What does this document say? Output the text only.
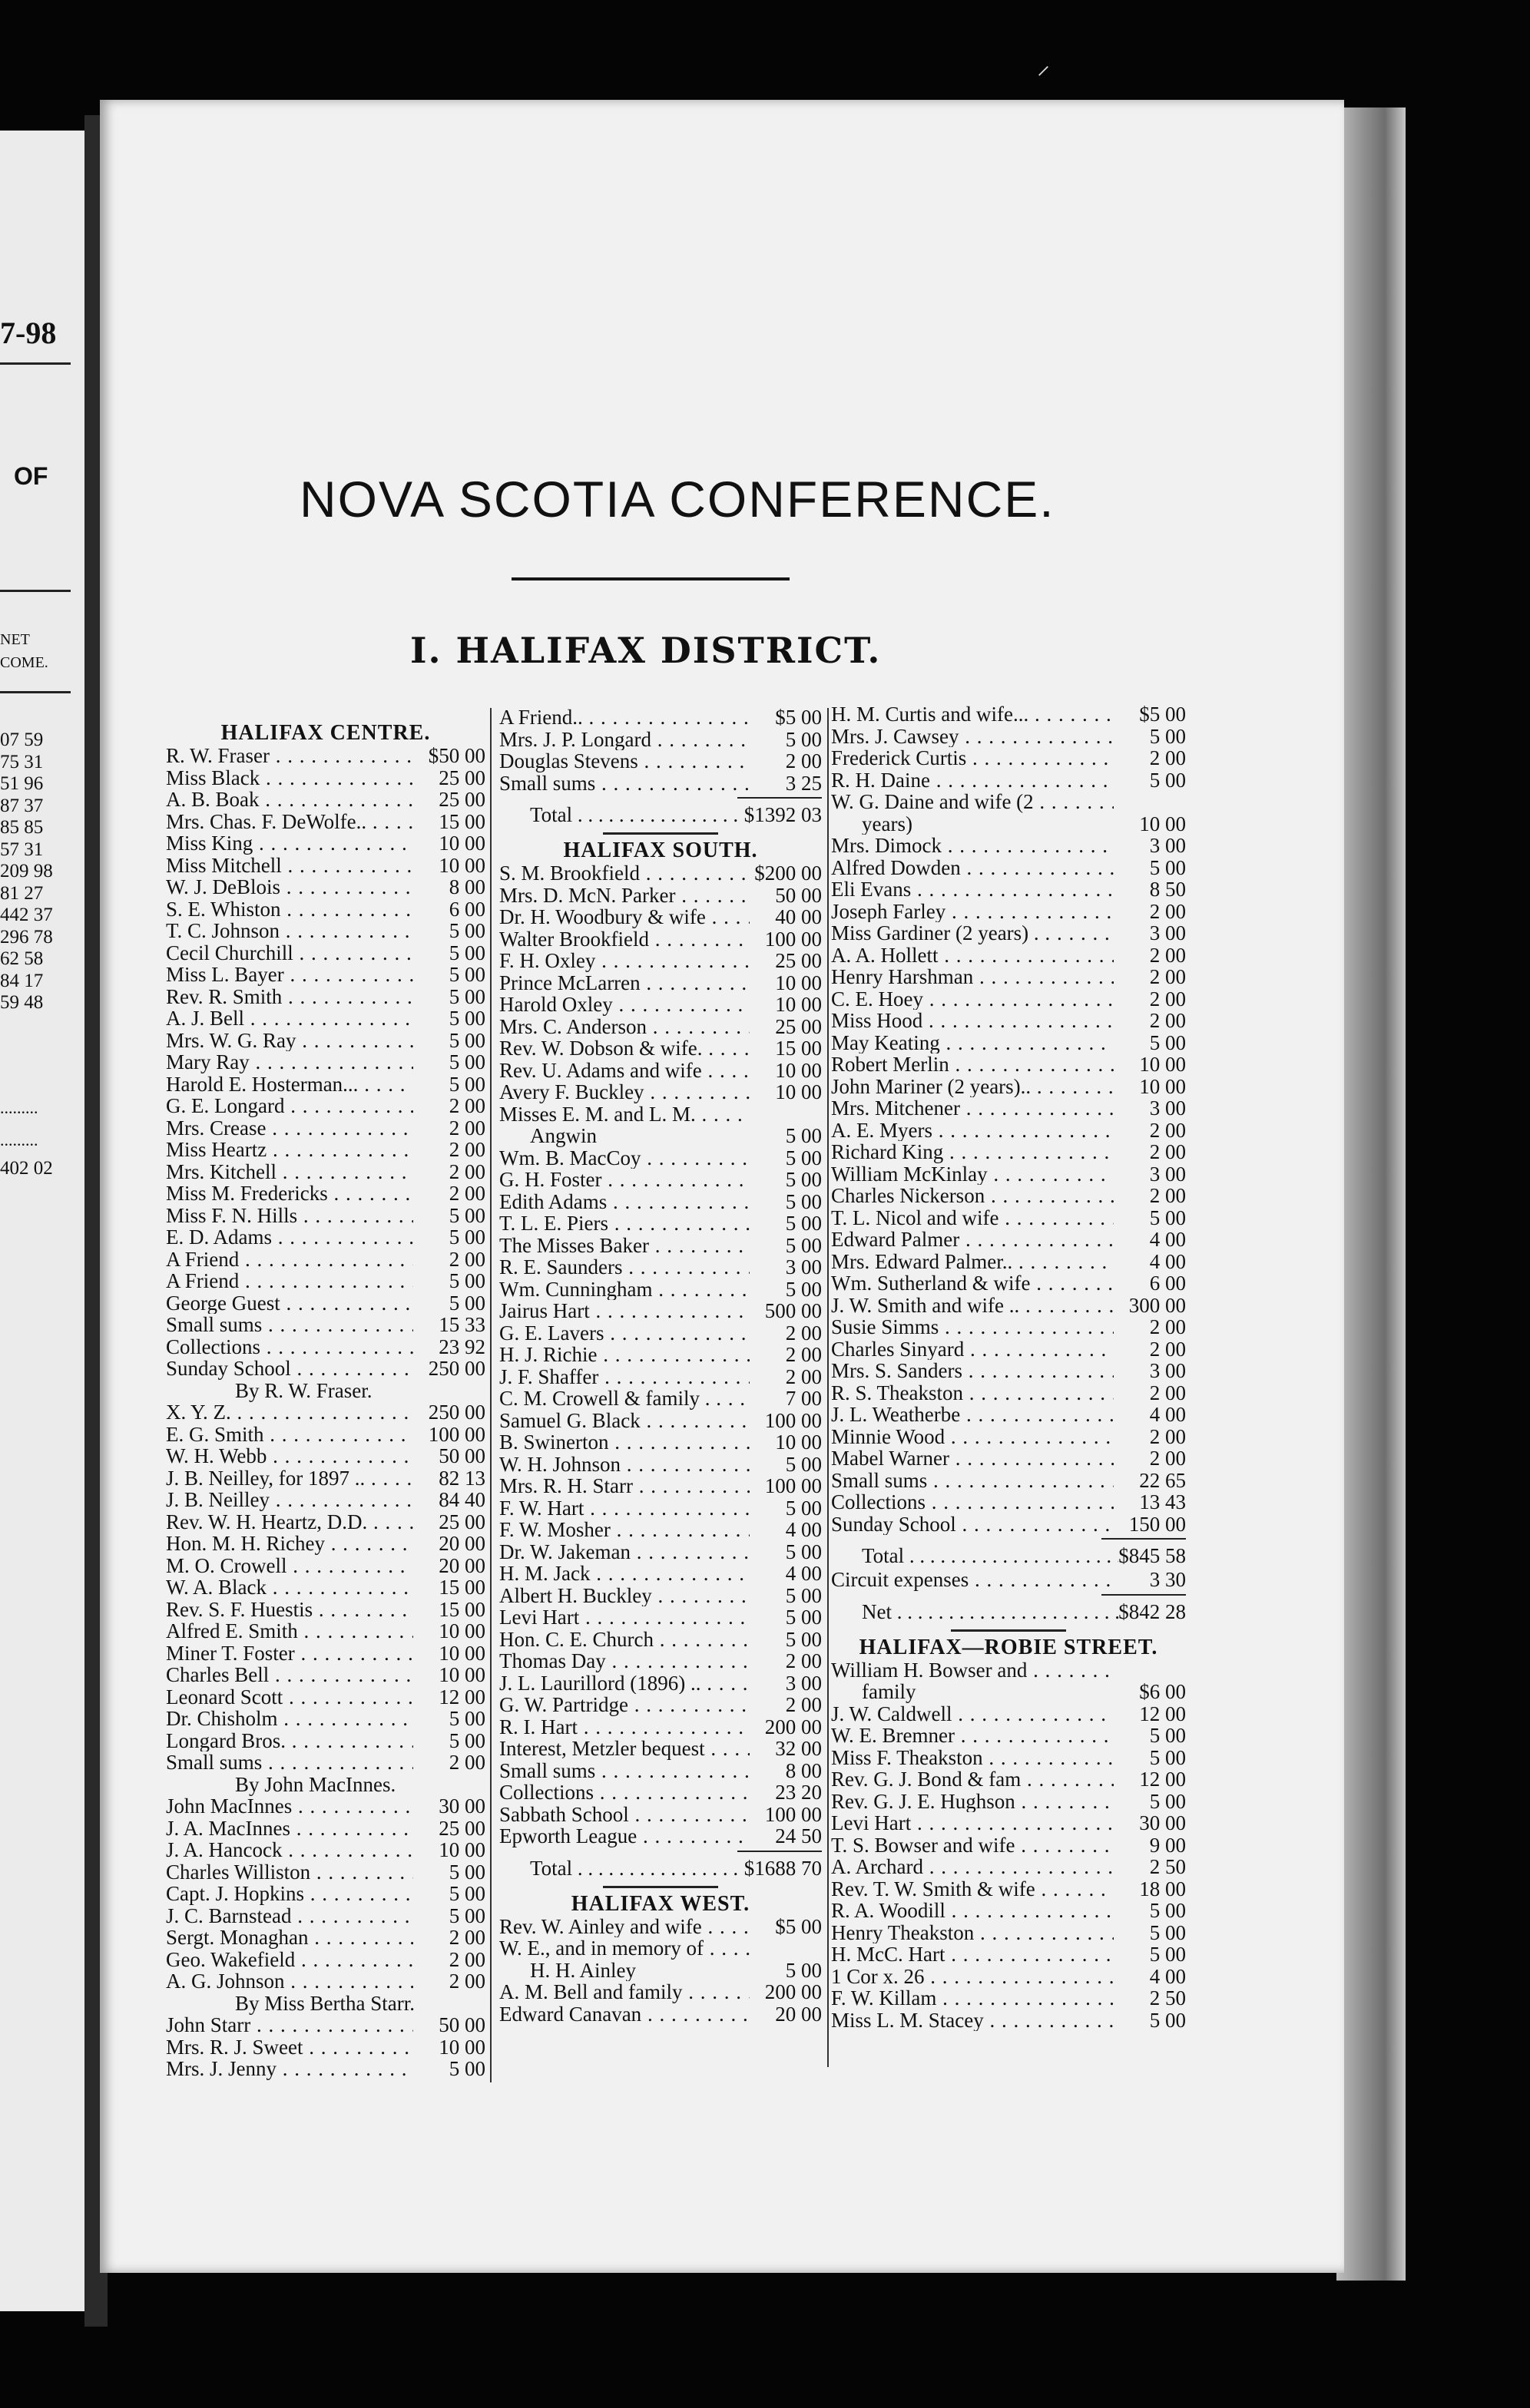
7-98
OF
NET
COME.
07 59
75 31
51 96
87 37
85 85
57 31
209 98
81 27
442 37
296 78
62 58
84 17
59 48
.........
.........
402 02
⸝
NOVA SCOTIA CONFERENCE.
I. HALIFAX DISTRICT.
HALIFAX CENTRE.
R. W. Fraser . . .	$50 00
Miss Black . . .	25 00
A. B. Boak . . .	25 00
Mrs. Chas. F. DeWolfe.. . . .	15 00
Miss King . . .	10 00
Miss Mitchell . . .	10 00
W. J. DeBlois . . .	8 00
S. E. Whiston . . .	6 00
T. C. Johnson . . .	5 00
Cecil Churchill . . .	5 00
Miss L. Bayer . . .	5 00
Rev. R. Smith . . .	5 00
A. J. Bell . . .	5 00
Mrs. W. G. Ray . . .	5 00
Mary Ray . . .	5 00
Harold E. Hosterman... . . .	5 00
G. E. Longard . . .	2 00
Mrs. Crease . . .	2 00
Miss Heartz . . .	2 00
Mrs. Kitchell . . .	2 00
Miss M. Fredericks . . .	2 00
Miss F. N. Hills . . .	5 00
E. D. Adams . . .	5 00
A Friend . . .	2 00
A Friend . . .	5 00
George Guest . . .	5 00
Small sums . . .	15 33
Collections . . .	23 92
Sunday School . . .	250 00
By R. W. Fraser.
X. Y. Z. . . .	250 00
E. G. Smith . . .	100 00
W. H. Webb . . .	50 00
J. B. Neilley, for 1897 .. . . .	82 13
J. B. Neilley . . .	84 40
Rev. W. H. Heartz, D.D. . . .	25 00
Hon. M. H. Richey . . .	20 00
M. O. Crowell . . .	20 00
W. A. Black . . .	15 00
Rev. S. F. Huestis . . .	15 00
Alfred E. Smith . . .	10 00
Miner T. Foster . . .	10 00
Charles Bell . . .	10 00
Leonard Scott . . .	12 00
Dr. Chisholm . . .	5 00
Longard Bros. . . .	5 00
Small sums . . .	2 00
By John MacInnes.
John MacInnes . . .	30 00
J. A. MacInnes . . .	25 00
J. A. Hancock . . .	10 00
Charles Williston . . .	5 00
Capt. J. Hopkins . . .	5 00
J. C. Barnstead . . .	5 00
Sergt. Monaghan . . .	2 00
Geo. Wakefield . . .	2 00
A. G. Johnson . . .	2 00
By Miss Bertha Starr.
John Starr . . .	50 00
Mrs. R. J. Sweet . . .	10 00
Mrs. J. Jenny . . .	5 00
A Friend.. . . .	$5 00
Mrs. J. P. Longard . . .	5 00
Douglas Stevens . . .	2 00
Small sums . . .	3 25
Total . . .	$1392 03
HALIFAX SOUTH.
S. M. Brookfield . . .	$200 00
Mrs. D. McN. Parker . . .	50 00
Dr. H. Woodbury & wife . . .	40 00
Walter Brookfield . . .	100 00
F. H. Oxley . . .	25 00
Prince McLarren . . .	10 00
Harold Oxley . . .	10 00
Mrs. C. Anderson . . .	25 00
Rev. W. Dobson & wife. . . .	15 00
Rev. U. Adams and wife . . .	10 00
Avery F. Buckley . . .	10 00
Misses E. M. and L. M. . . .
Angwin	5 00
Wm. B. MacCoy . . .	5 00
G. H. Foster . . .	5 00
Edith Adams . . .	5 00
T. L. E. Piers . . .	5 00
The Misses Baker . . .	5 00
R. E. Saunders . . .	3 00
Wm. Cunningham . . .	5 00
Jairus Hart . . .	500 00
G. E. Lavers . . .	2 00
H. J. Richie . . .	2 00
J. F. Shaffer . . .	2 00
C. M. Crowell & family . . . .	7 00
Samuel G. Black . . .	100 00
B. Swinerton . . .	10 00
W. H. Johnson . . .	5 00
Mrs. R. H. Starr . . .	100 00
F. W. Hart . . .	5 00
F. W. Mosher . . .	4 00
Dr. W. Jakeman . . .	5 00
H. M. Jack . . .	4 00
Albert H. Buckley . . .	5 00
Levi Hart . . .	5 00
Hon. C. E. Church . . .	5 00
Thomas Day . . .	2 00
J. L. Laurillord (1896) .. . . .	3 00
G. W. Partridge . . .	2 00
R. I. Hart . . .	200 00
Interest, Metzler bequest . . .	32 00
Small sums . . .	8 00
Collections . . .	23 20
Sabbath School . . .	100 00
Epworth League . . .	24 50
Total . . .	$1688 70
HALIFAX WEST.
Rev. W. Ainley and wife . . .	$5 00
W. E., and in memory of . . .
H. H. Ainley	5 00
A. M. Bell and family . . .	200 00
Edward Canavan . . .	20 00
H. M. Curtis and wife... . . .	$5 00
Mrs. J. Cawsey . . .	5 00
Frederick Curtis . . .	2 00
R. H. Daine . . .	5 00
W. G. Daine and wife (2 . . .
years)	10 00
Mrs. Dimock . . .	3 00
Alfred Dowden . . .	5 00
Eli Evans . . .	8 50
Joseph Farley . . .	2 00
Miss Gardiner (2 years) . . . .	3 00
A. A. Hollett . . .	2 00
Henry Harshman . . .	2 00
C. E. Hoey . . .	2 00
Miss Hood . . .	2 00
May Keating . . .	5 00
Robert Merlin . . .	10 00
John Mariner (2 years).. . . .	10 00
Mrs. Mitchener . . .	3 00
A. E. Myers . . .	2 00
Richard King . . .	2 00
William McKinlay . . .	3 00
Charles Nickerson . . .	2 00
T. L. Nicol and wife . . .	5 00
Edward Palmer . . .	4 00
Mrs. Edward Palmer.. . . .	4 00
Wm. Sutherland & wife . . .	6 00
J. W. Smith and wife .. . . .	300 00
Susie Simms . . .	2 00
Charles Sinyard . . .	2 00
Mrs. S. Sanders . . .	3 00
R. S. Theakston . . .	2 00
J. L. Weatherbe . . .	4 00
Minnie Wood . . .	2 00
Mabel Warner . . .	2 00
Small sums . . .	22 65
Collections . . .	13 43
Sunday School . . .	150 00
Total . . .	$845 58
Circuit expenses . . .	3 30
Net . . .	$842 28
HALIFAX—ROBIE STREET.
William H. Bowser and . . .
family	$6 00
J. W. Caldwell . . .	12 00
W. E. Bremner . . .	5 00
Miss F. Theakston . . .	5 00
Rev. G. J. Bond & fam . . .	12 00
Rev. G. J. E. Hughson . . .	5 00
Levi Hart . . .	30 00
T. S. Bowser and wife . . .	9 00
A. Archard . . .	2 50
Rev. T. W. Smith & wife . . .	18 00
R. A. Woodill . . .	5 00
Henry Theakston . . .	5 00
H. McC. Hart . . .	5 00
1 Cor x. 26 . . .	4 00
F. W. Killam . . .	2 50
Miss L. M. Stacey . . .	5 00
